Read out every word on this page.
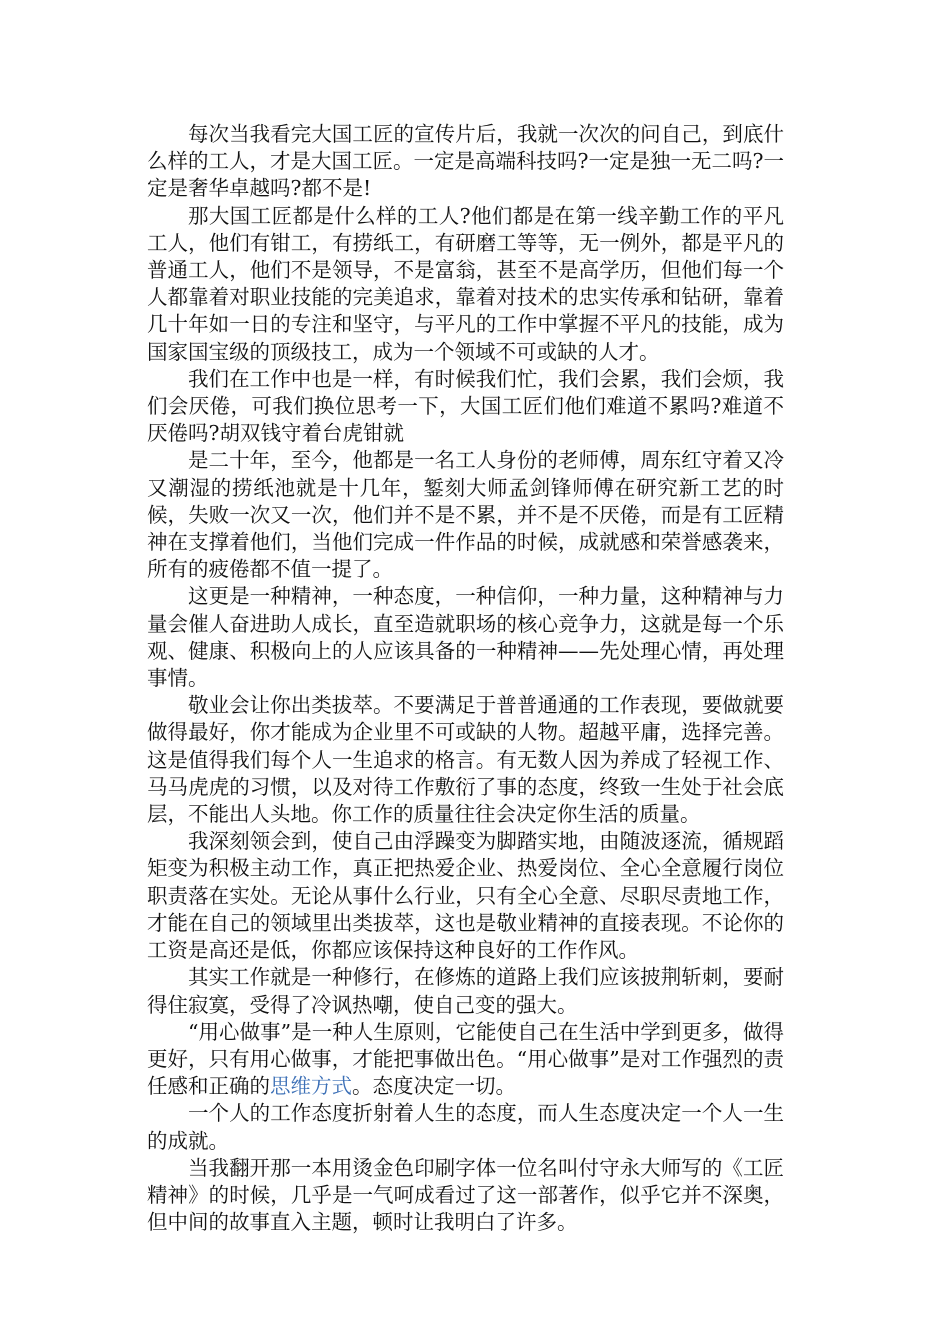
每次当我看完大国工匠的宣传片后，我就一次次的问自己，到底什么样的工人，才是大国工匠。一定是高端科技吗?一定是独一无二吗?一定是奢华卓越吗?都不是!

那大国工匠都是什么样的工人?他们都是在第一线辛勤工作的平凡工人，他们有钳工，有捞纸工，有研磨工等等，无一例外，都是平凡的普通工人，他们不是领导，不是富翁，甚至不是高学历，但他们每一个人都靠着对职业技能的完美追求，靠着对技术的忠实传承和钻研，靠着几十年如一日的专注和坚守，与平凡的工作中掌握不平凡的技能，成为国家国宝级的顶级技工，成为一个领域不可或缺的人才。

我们在工作中也是一样，有时候我们忙，我们会累，我们会烦，我们会厌倦，可我们换位思考一下，大国工匠们他们难道不累吗?难道不厌倦吗?胡双钱守着台虎钳就

是二十年，至今，他都是一名工人身份的老师傅，周东红守着又冷又潮湿的捞纸池就是十几年，錾刻大师孟剑锋师傅在研究新工艺的时候，失败一次又一次，他们并不是不累，并不是不厌倦，而是有工匠精神在支撑着他们，当他们完成一件作品的时候，成就感和荣誉感袭来，所有的疲倦都不值一提了。

这更是一种精神，一种态度，一种信仰，一种力量，这种精神与力量会催人奋进助人成长，直至造就职场的核心竞争力，这就是每一个乐观、健康、积极向上的人应该具备的一种精神——先处理心情，再处理事情。

敬业会让你出类拔萃。不要满足于普普通通的工作表现，要做就要做得最好，你才能成为企业里不可或缺的人物。超越平庸，选择完善。这是值得我们每个人一生追求的格言。有无数人因为养成了轻视工作、马马虎虎的习惯，以及对待工作敷衍了事的态度，终致一生处于社会底层，不能出人头地。你工作的质量往往会决定你生活的质量。

我深刻领会到，使自己由浮躁变为脚踏实地，由随波逐流，循规蹈矩变为积极主动工作，真正把热爱企业、热爱岗位、全心全意履行岗位职责落在实处。无论从事什么行业，只有全心全意、尽职尽责地工作，才能在自己的领域里出类拔萃，这也是敬业精神的直接表现。不论你的工资是高还是低，你都应该保持这种良好的工作作风。

其实工作就是一种修行，在修炼的道路上我们应该披荆斩刺，要耐得住寂寞，受得了冷讽热嘲，使自己变的强大。

“用心做事”是一种人生原则，它能使自己在生活中学到更多，做得更好，只有用心做事，才能把事做出色。“用心做事”是对工作强烈的责任感和正确的思维方式。态度决定一切。

一个人的工作态度折射着人生的态度，而人生态度决定一个人一生的成就。

当我翻开那一本用烫金色印刷字体一位名叫付守永大师写的《工匠精神》的时候，几乎是一气呵成看过了这一部著作，似乎它并不深奥，但中间的故事直入主题，顿时让我明白了许多。
